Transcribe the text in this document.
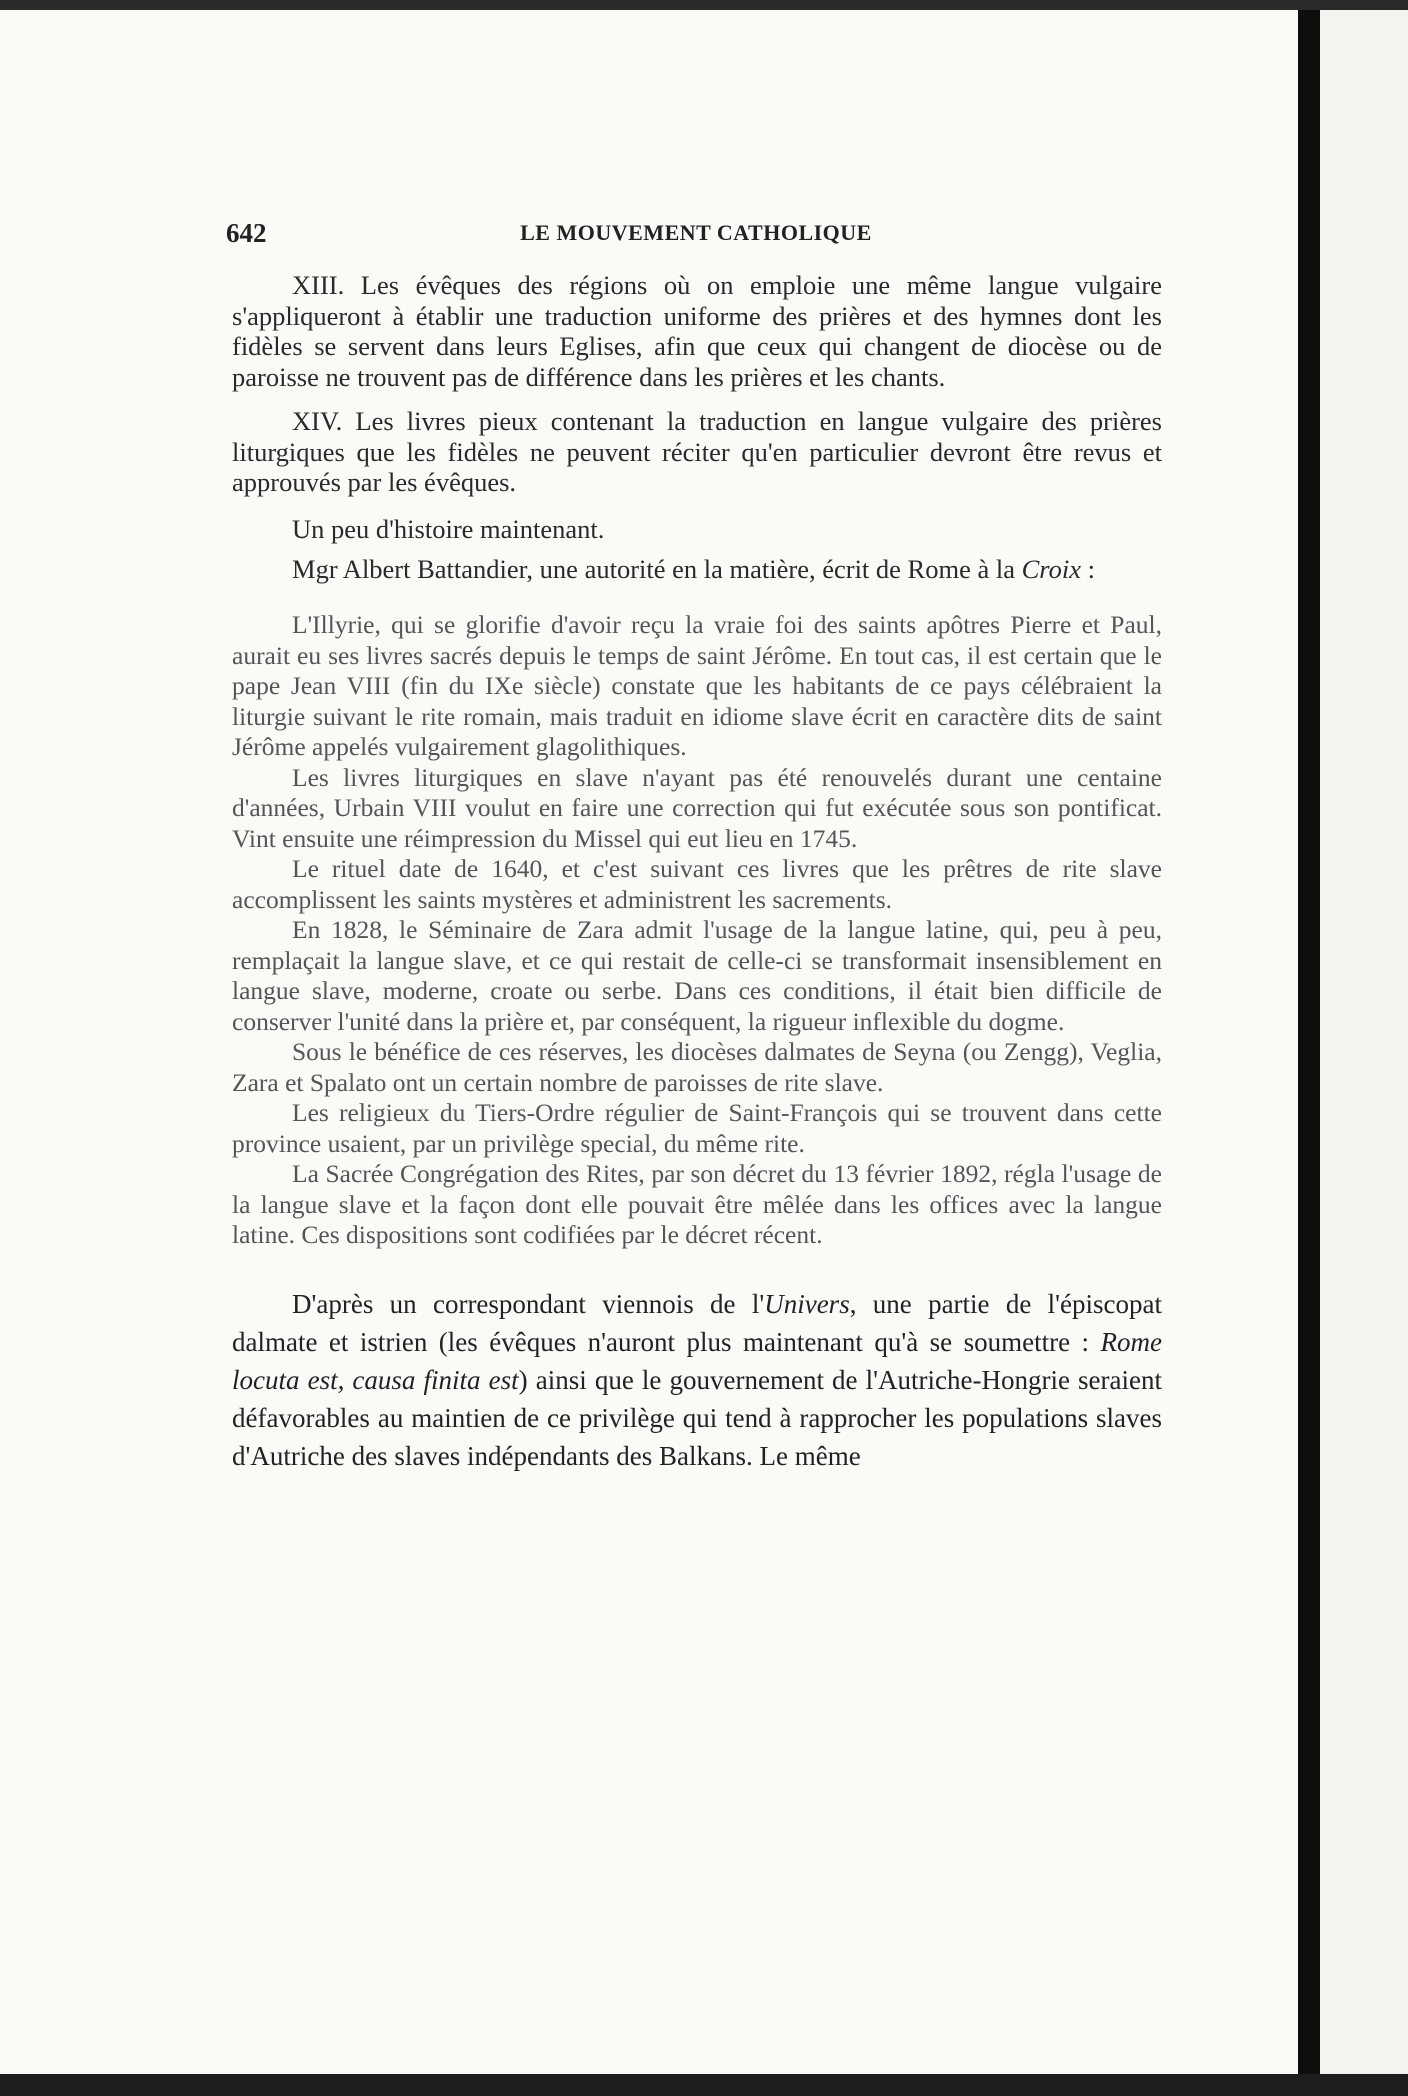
642	LE MOUVEMENT CATHOLIQUE

XIII. Les évêques des régions où on emploie une même langue vulgaire s'appliqueront à établir une traduction uniforme des prières et des hymnes dont les fidèles se servent dans leurs Eglises, afin que ceux qui changent de diocèse ou de paroisse ne trouvent pas de différence dans les prières et les chants.

XIV. Les livres pieux contenant la traduction en langue vulgaire des prières liturgiques que les fidèles ne peuvent réciter qu'en particulier devront être revus et approuvés par les évêques.

Un peu d'histoire maintenant.

Mgr Albert Battandier, une autorité en la matière, écrit de Rome à la Croix :

L'Illyrie, qui se glorifie d'avoir reçu la vraie foi des saints apôtres Pierre et Paul, aurait eu ses livres sacrés depuis le temps de saint Jérôme. En tout cas, il est certain que le pape Jean VIII (fin du IXe siècle) constate que les habitants de ce pays célébraient la liturgie suivant le rite romain, mais traduit en idiome slave écrit en caractère dits de saint Jérôme appelés vulgairement glagolithiques.

Les livres liturgiques en slave n'ayant pas été renouvelés durant une centaine d'années, Urbain VIII voulut en faire une correction qui fut exécutée sous son pontificat. Vint ensuite une réimpression du Missel qui eut lieu en 1745.

Le rituel date de 1640, et c'est suivant ces livres que les prêtres de rite slave accomplissent les saints mystères et administrent les sacrements.

En 1828, le Séminaire de Zara admit l'usage de la langue latine, qui, peu à peu, remplaçait la langue slave, et ce qui restait de celle-ci se transformait insensiblement en langue slave, moderne, croate ou serbe. Dans ces conditions, il était bien difficile de conserver l'unité dans la prière et, par conséquent, la rigueur inflexible du dogme.

Sous le bénéfice de ces réserves, les diocèses dalmates de Seyna (ou Zengg), Veglia, Zara et Spalato ont un certain nombre de paroisses de rite slave.

Les religieux du Tiers-Ordre régulier de Saint-François qui se trouvent dans cette province usaient, par un privilège special, du même rite.

La Sacrée Congrégation des Rites, par son décret du 13 février 1892, régla l'usage de la langue slave et la façon dont elle pouvait être mêlée dans les offices avec la langue latine. Ces dispositions sont codifiées par le décret récent.

D'après un correspondant viennois de l'Univers, une partie de l'épiscopat dalmate et istrien (les évêques n'auront plus maintenant qu'à se soumettre : Rome locuta est, causa finita est) ainsi que le gouvernement de l'Autriche-Hongrie seraient défavorables au maintien de ce privilège qui tend à rapprocher les populations slaves d'Autriche des slaves indépendants des Balkans. Le même
